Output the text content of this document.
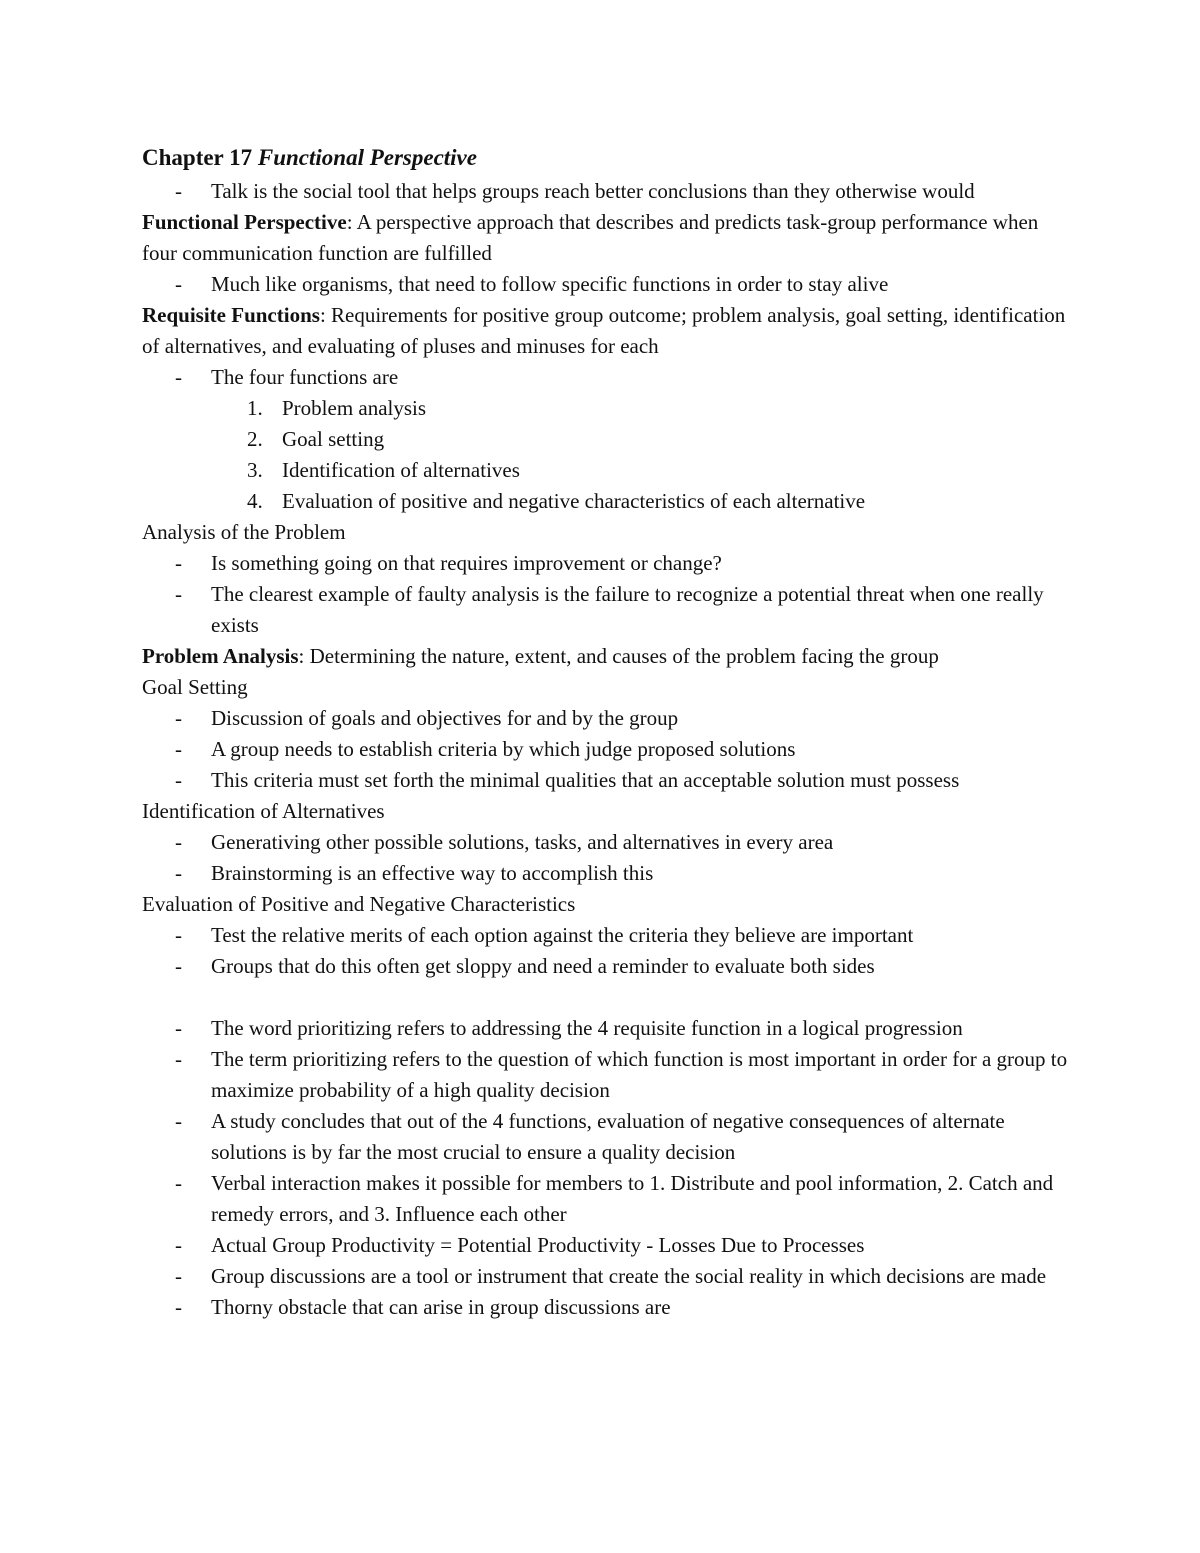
Chapter 17 Functional Perspective
- Talk is the social tool that helps groups reach better conclusions than they otherwise would
Functional Perspective: A perspective approach that describes and predicts task-group performance when four communication function are fulfilled
- Much like organisms, that need to follow specific functions in order to stay alive
Requisite Functions: Requirements for positive group outcome; problem analysis, goal setting, identification of alternatives, and evaluating of pluses and minuses for each
- The four functions are
1. Problem analysis
2. Goal setting
3. Identification of alternatives
4. Evaluation of positive and negative characteristics of each alternative
Analysis of the Problem
- Is something going on that requires improvement or change?
- The clearest example of faulty analysis is the failure to recognize a potential threat when one really exists
Problem Analysis: Determining the nature, extent, and causes of the problem facing the group
Goal Setting
- Discussion of goals and objectives for and by the group
- A group needs to establish criteria by which judge proposed solutions
- This criteria must set forth the minimal qualities that an acceptable solution must possess
Identification of Alternatives
- Generativing other possible solutions, tasks, and alternatives in every area
- Brainstorming is an effective way to accomplish this
Evaluation of Positive and Negative Characteristics
- Test the relative merits of each option against the criteria they believe are important
- Groups that do this often get sloppy and need a reminder to evaluate both sides
- The word prioritizing refers to addressing the 4 requisite function in a logical progression
- The term prioritizing refers to the question of which function is most important in order for a group to maximize probability of a high quality decision
- A study concludes that out of the 4 functions, evaluation of negative consequences of alternate solutions is by far the most crucial to ensure a quality decision
- Verbal interaction makes it possible for members to 1. Distribute and pool information, 2. Catch and remedy errors, and 3. Influence each other
- Actual Group Productivity = Potential Productivity - Losses Due to Processes
- Group discussions are a tool or instrument that create the social reality in which decisions are made
- Thorny obstacle that can arise in group discussions are
